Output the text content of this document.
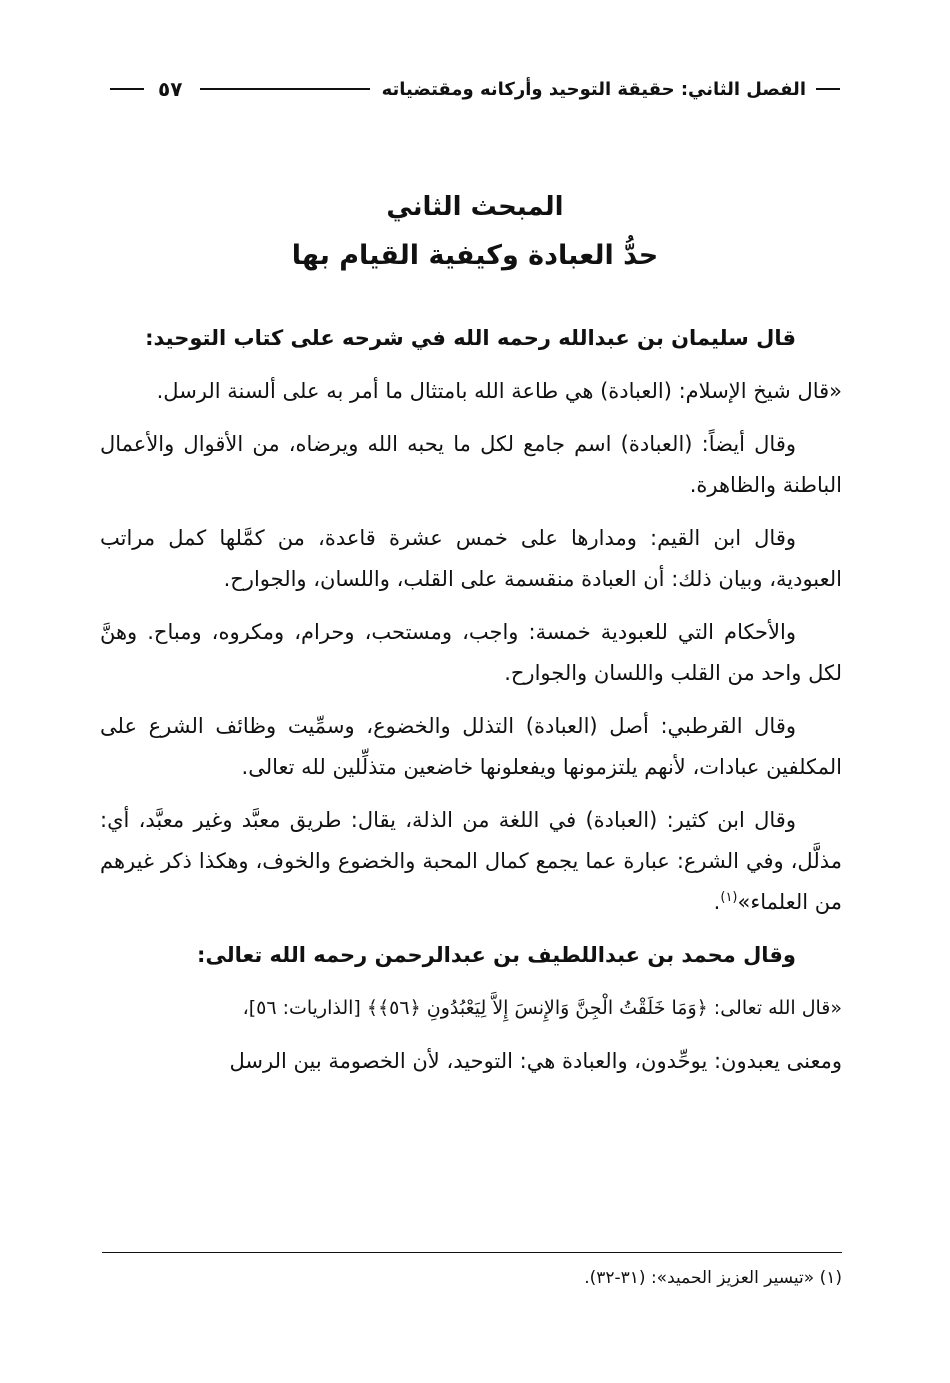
٥٧	الفصل الثاني: حقيقة التوحيد وأركانه ومقتضياته
المبحث الثاني
حدُّ العبادة وكيفية القيام بها

قال سليمان بن عبدالله رحمه الله في شرحه على كتاب التوحيد:

«قال شيخ الإسلام: (العبادة) هي طاعة الله بامتثال ما أمر به على ألسنة الرسل.

وقال أيضاً: (العبادة) اسم جامع لكل ما يحبه الله ويرضاه، من الأقوال والأعمال الباطنة والظاهرة.

وقال ابن القيم: ومدارها على خمس عشرة قاعدة، من كمَّلها كمل مراتب العبودية، وبيان ذلك: أن العبادة منقسمة على القلب، واللسان، والجوارح.

والأحكام التي للعبودية خمسة: واجب، ومستحب، وحرام، ومكروه، ومباح. وهنَّ لكل واحد من القلب واللسان والجوارح.

وقال القرطبي: أصل (العبادة) التذلل والخضوع، وسمِّيت وظائف الشرع على المكلفين عبادات، لأنهم يلتزمونها ويفعلونها خاضعين متذلِّلين لله تعالى.

وقال ابن كثير: (العبادة) في اللغة من الذلة، يقال: طريق معبَّد وغير معبَّد، أي: مذلَّل، وفي الشرع: عبارة عما يجمع كمال المحبة والخضوع والخوف، وهكذا ذكر غيرهم من العلماء»$^{(١)}$.

وقال محمد بن عبداللطيف بن عبدالرحمن رحمه الله تعالى:

«قال الله تعالى: ﴿وَمَا خَلَقْتُ الْجِنَّ وَالإِنسَ إِلاَّ لِيَعْبُدُونِ ﴿٥٦﴾﴾ [الذاريات: ٥٦]،

ومعنى يعبدون: يوحِّدون، والعبادة هي: التوحيد، لأن الخصومة بين الرسل

(١) «تيسير العزيز الحميد»: (٣١-٣٢).
